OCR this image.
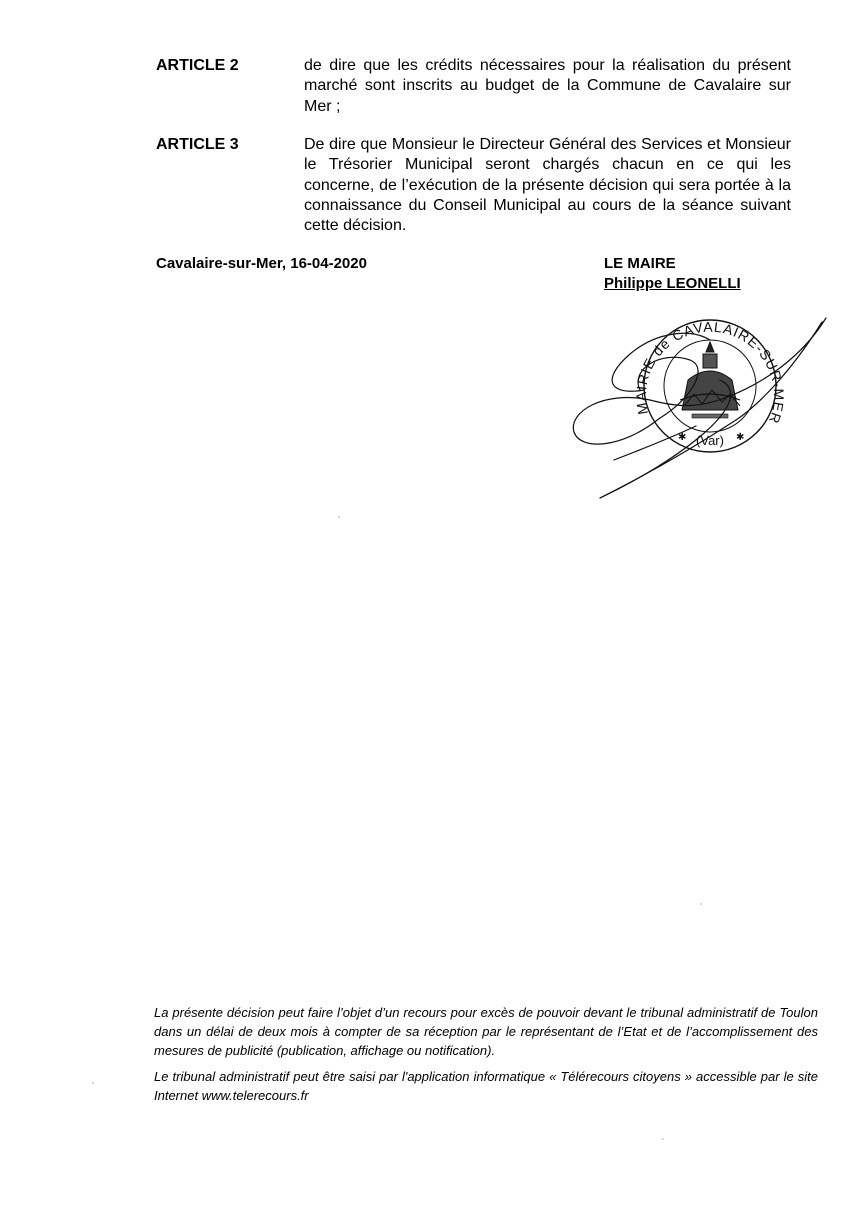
ARTICLE 2	de dire que les crédits nécessaires pour la réalisation du présent marché sont inscrits au budget de la Commune de Cavalaire sur Mer ;
ARTICLE 3	De dire que Monsieur le Directeur Général des Services et Monsieur le Trésorier Municipal seront chargés chacun en ce qui les concerne, de l’exécution de la présente décision qui sera portée à la connaissance du Conseil Municipal au cours de la séance suivant cette décision.
Cavalaire-sur-Mer, 16-04-2020	LE MAIRE
Philippe LEONELLI
MAIRIE de CAVALAIRE-SUR-MER
(Var)
✱	✱
La présente décision peut faire l’objet d’un recours pour excès de pouvoir devant le tribunal administratif de Toulon dans un délai de deux mois à compter de sa réception par le représentant de l’Etat et de l’accomplissement des mesures de publicité (publication, affichage ou notification).
Le tribunal administratif peut être saisi par l'application informatique « Télérecours citoyens » accessible par le site Internet www.telerecours.fr
